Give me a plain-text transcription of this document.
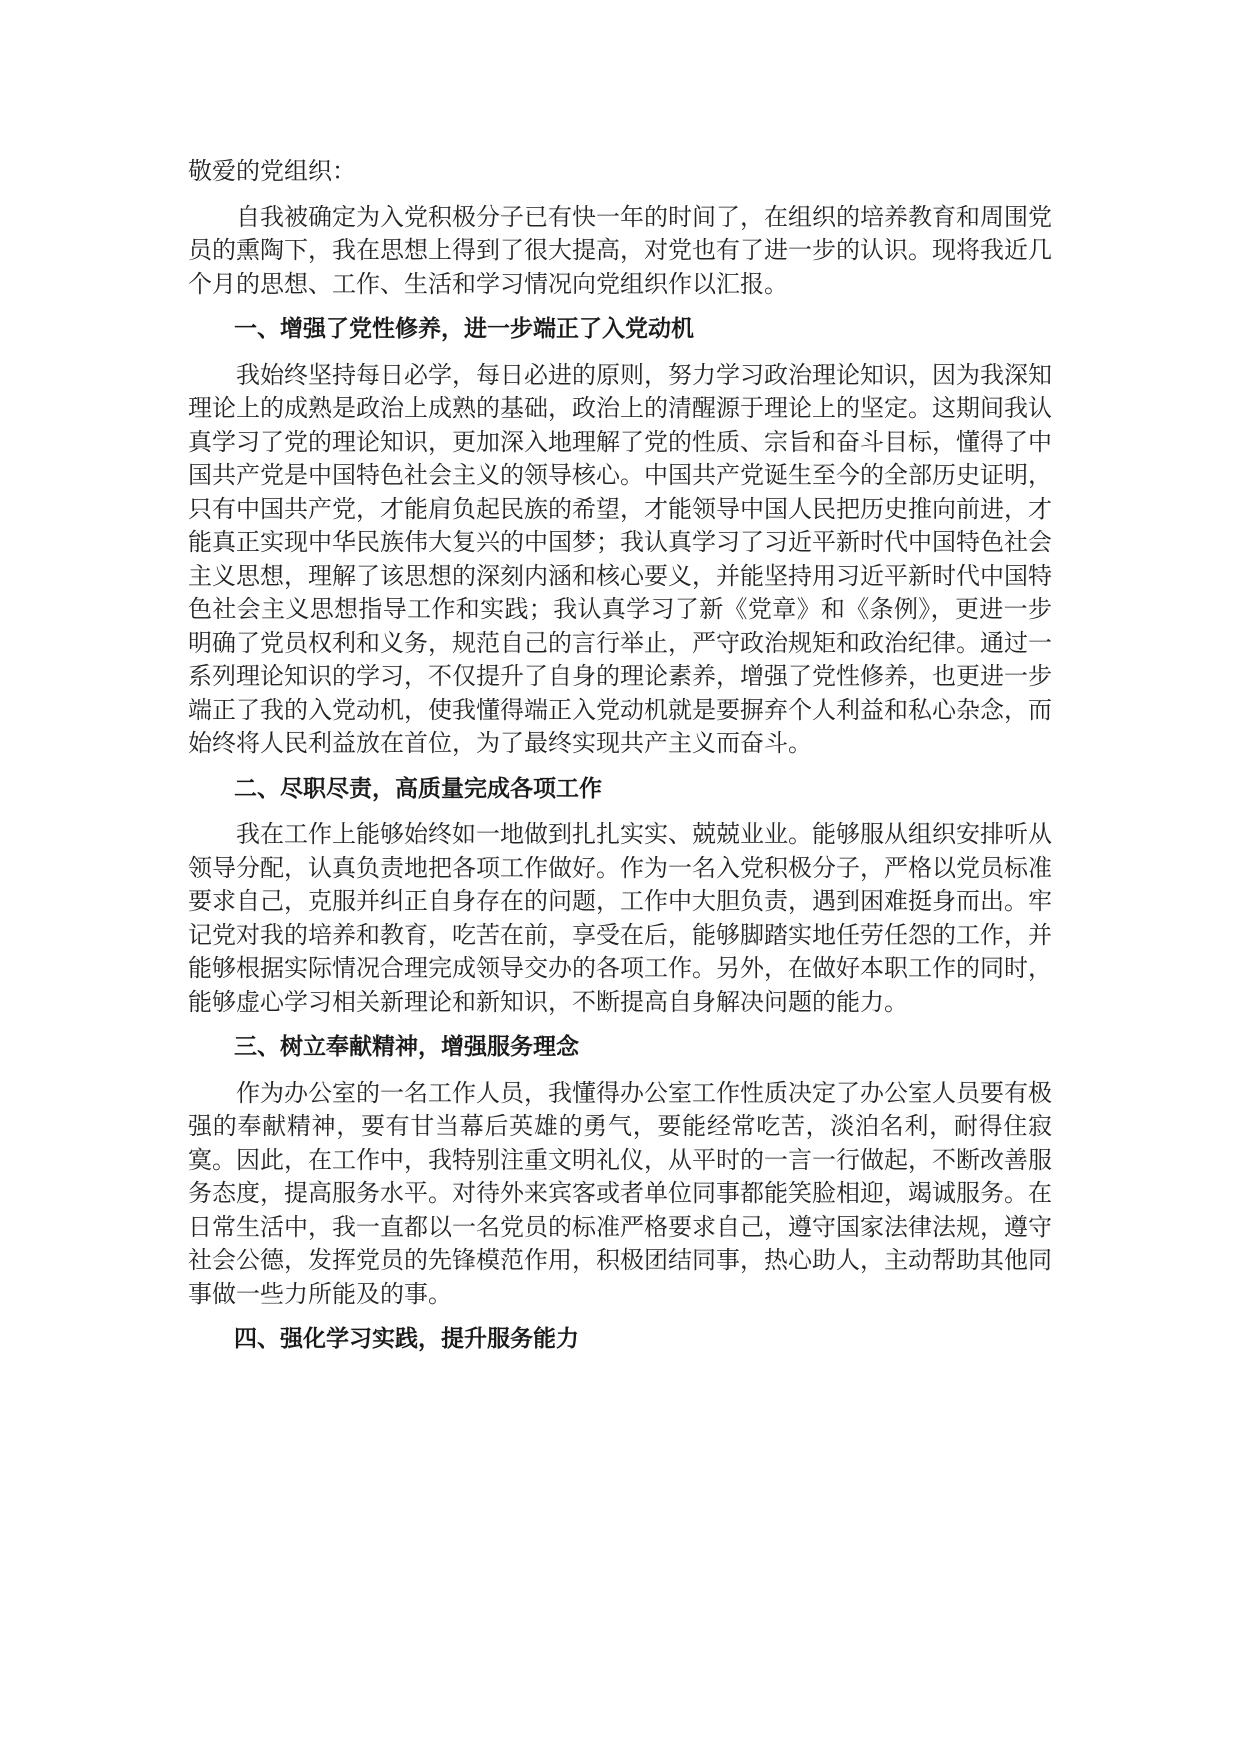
敬爱的党组织：

自我被确定为入党积极分子已有快一年的时间了，在组织的培养教育和周围党员的熏陶下，我在思想上得到了很大提高，对党也有了进一步的认识。现将我近几个月的思想、工作、生活和学习情况向党组织作以汇报。

一、增强了党性修养，进一步端正了入党动机

我始终坚持每日必学，每日必进的原则，努力学习政治理论知识，因为我深知理论上的成熟是政治上成熟的基础，政治上的清醒源于理论上的坚定。这期间我认真学习了党的理论知识，更加深入地理解了党的性质、宗旨和奋斗目标，懂得了中国共产党是中国特色社会主义的领导核心。中国共产党诞生至今的全部历史证明，只有中国共产党，才能肩负起民族的希望，才能领导中国人民把历史推向前进，才能真正实现中华民族伟大复兴的中国梦；我认真学习了习近平新时代中国特色社会主义思想，理解了该思想的深刻内涵和核心要义，并能坚持用习近平新时代中国特色社会主义思想指导工作和实践；我认真学习了新《党章》和《条例》，更进一步明确了党员权利和义务，规范自己的言行举止，严守政治规矩和政治纪律。通过一系列理论知识的学习，不仅提升了自身的理论素养，增强了党性修养，也更进一步端正了我的入党动机，使我懂得端正入党动机就是要摒弃个人利益和私心杂念，而始终将人民利益放在首位，为了最终实现共产主义而奋斗。

二、尽职尽责，高质量完成各项工作

我在工作上能够始终如一地做到扎扎实实、兢兢业业。能够服从组织安排听从领导分配，认真负责地把各项工作做好。作为一名入党积极分子，严格以党员标准要求自己，克服并纠正自身存在的问题，工作中大胆负责，遇到困难挺身而出。牢记党对我的培养和教育，吃苦在前，享受在后，能够脚踏实地任劳任怨的工作，并能够根据实际情况合理完成领导交办的各项工作。另外，在做好本职工作的同时，能够虚心学习相关新理论和新知识，不断提高自身解决问题的能力。

三、树立奉献精神，增强服务理念

作为办公室的一名工作人员，我懂得办公室工作性质决定了办公室人员要有极强的奉献精神，要有甘当幕后英雄的勇气，要能经常吃苦，淡泊名利，耐得住寂寞。因此，在工作中，我特别注重文明礼仪，从平时的一言一行做起，不断改善服务态度，提高服务水平。对待外来宾客或者单位同事都能笑脸相迎，竭诚服务。在日常生活中，我一直都以一名党员的标准严格要求自己，遵守国家法律法规，遵守社会公德，发挥党员的先锋模范作用，积极团结同事，热心助人，主动帮助其他同事做一些力所能及的事。

四、强化学习实践，提升服务能力
